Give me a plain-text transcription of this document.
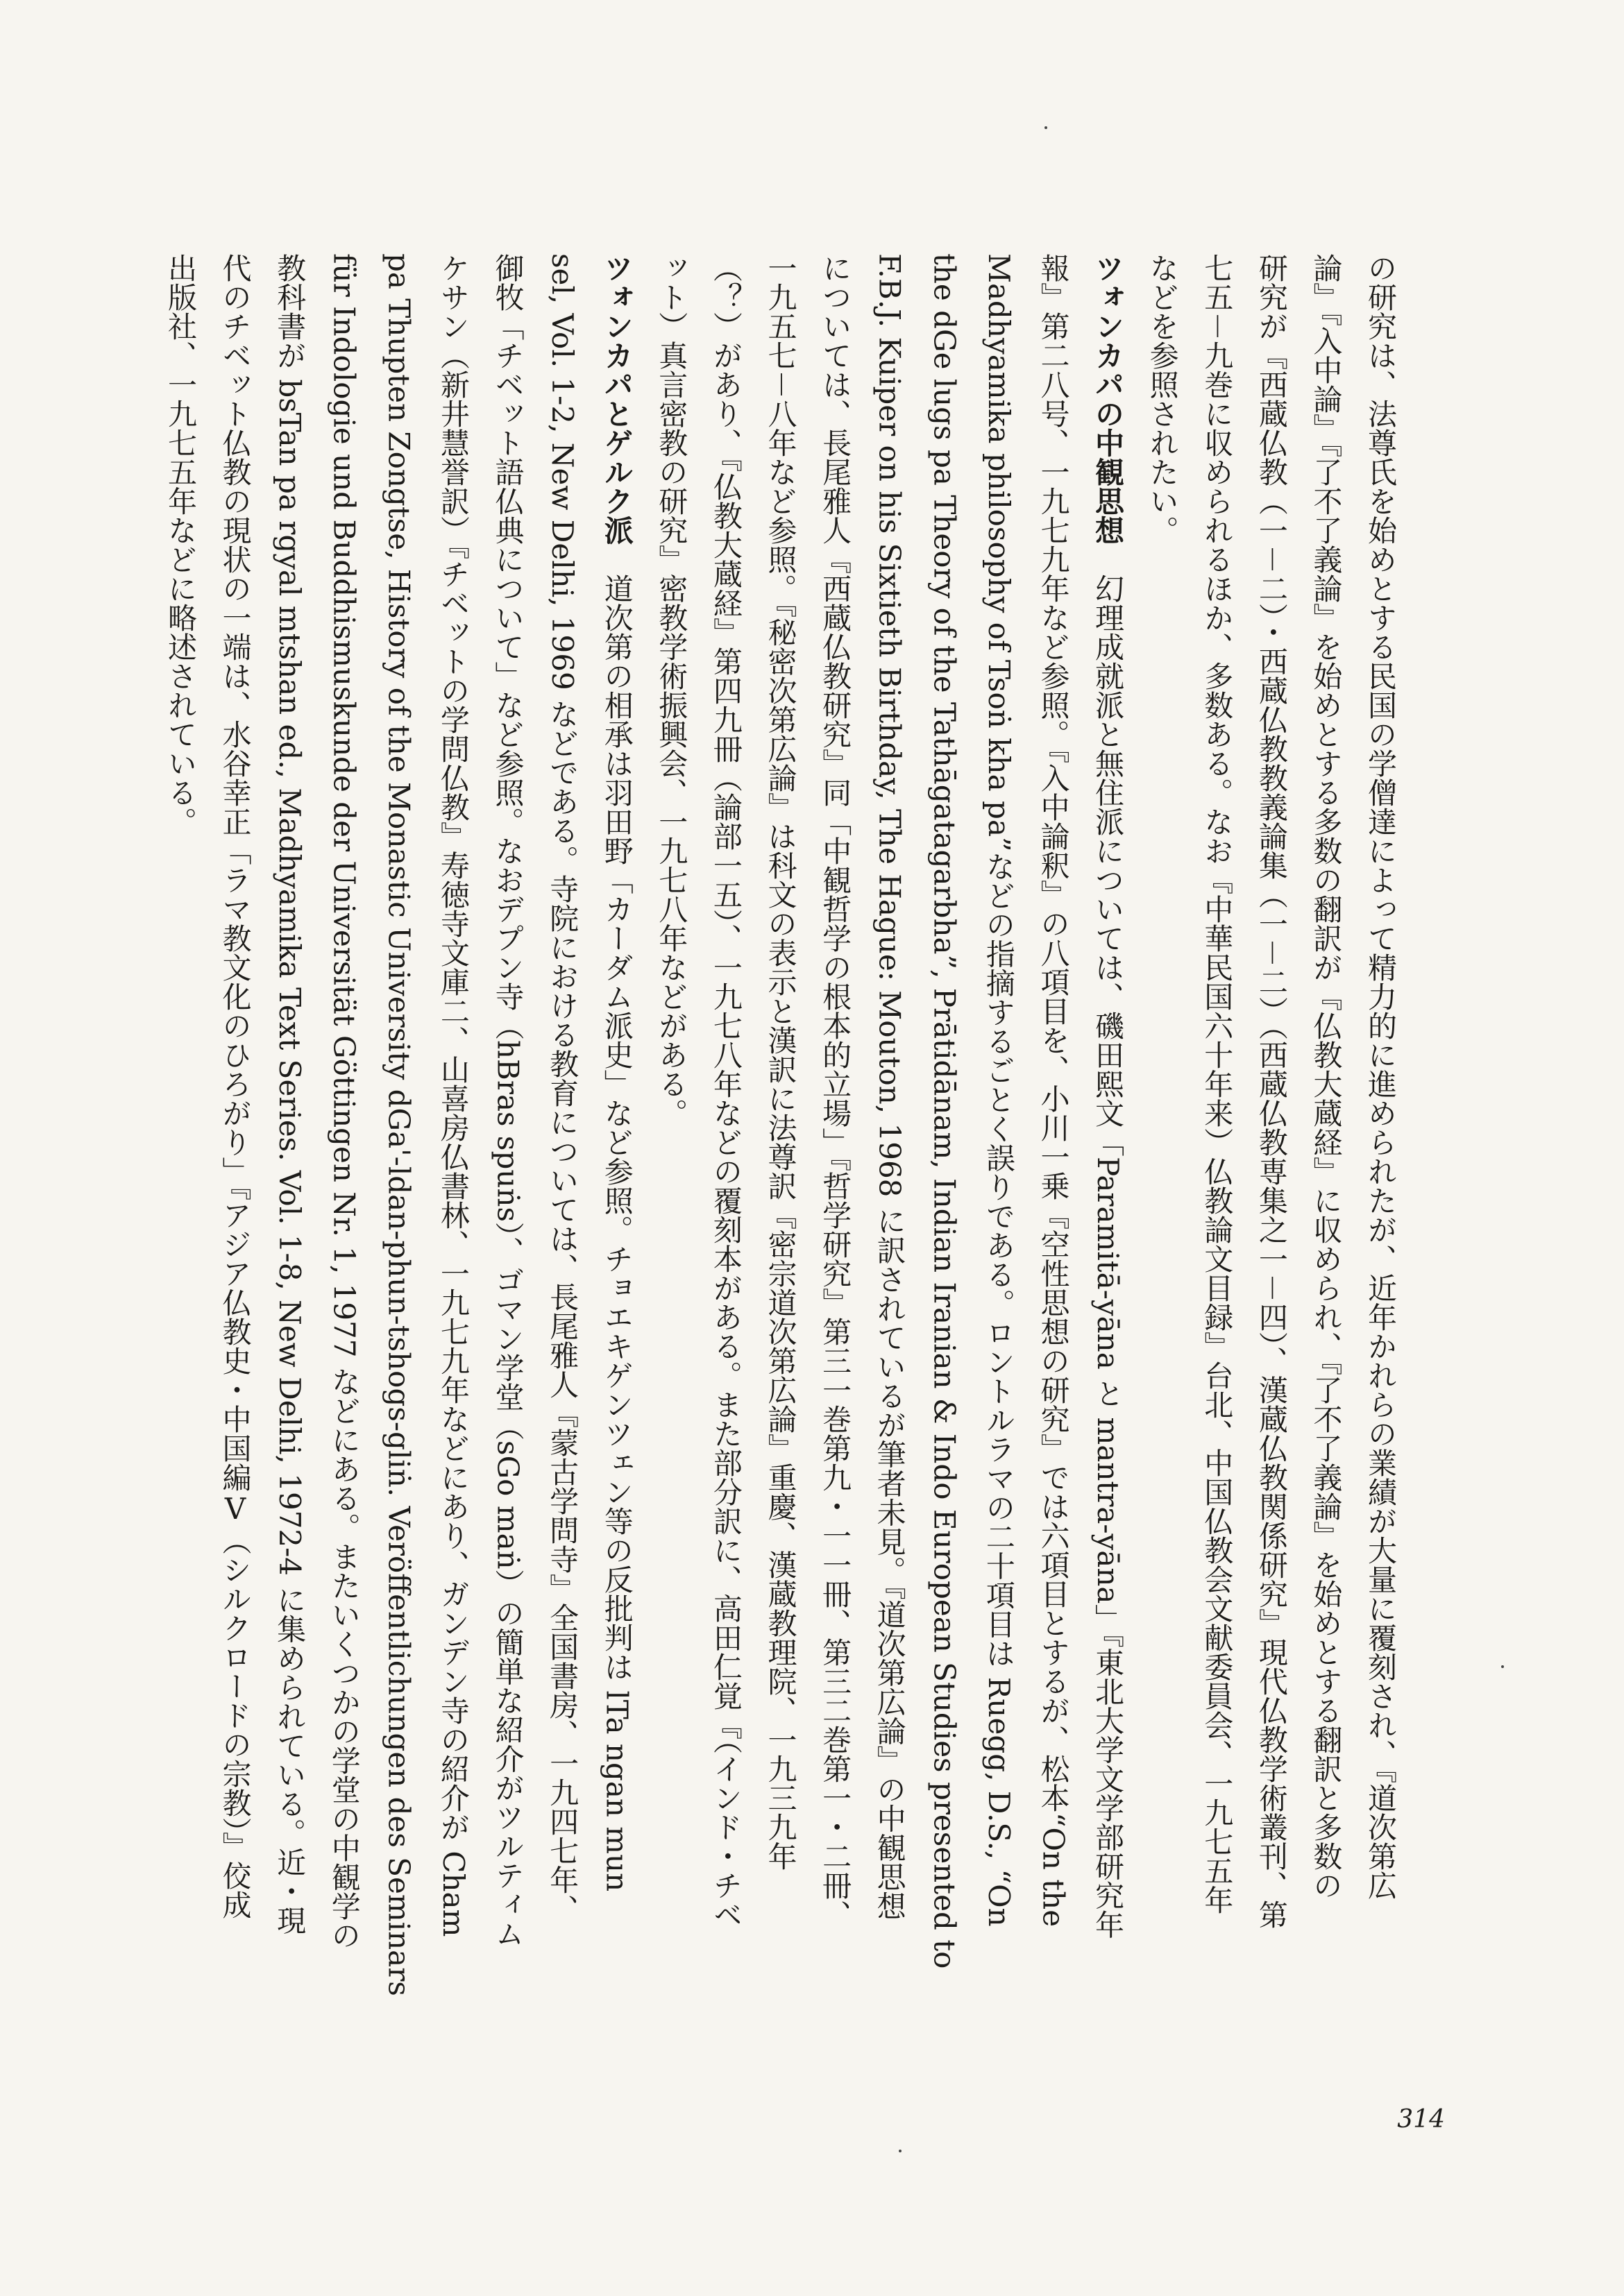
の研究は、法尊氏を始めとする民国の学僧達によって精力的に進められたが、近年かれらの業績が大量に覆刻され、『道次第広
論』『入中論』『了不了義論』を始めとする多数の翻訳が『仏教大蔵経』に収められ、『了不了義論』を始めとする翻訳と多数の
研究が『西蔵仏教（一－二）・西蔵仏教教義論集（一－二）（西蔵仏教専集之一－四）、漢蔵仏教関係研究』現代仏教学術叢刊、第
七五－九巻に収められるほか、多数ある。なお『中華民国六十年来）仏教論文目録』台北、中国仏教会文献委員会、一九七五年
などを参照されたい。
ツォンカパの中観思想　幻理成就派と無住派については、磯田熙文「Paramitā-yāna と mantra-yāna」『東北大学文学部研究年
報』第二八号、一九七九年など参照。『入中論釈』の八項目を、小川一乗『空性思想の研究』では六項目とするが、松本“On the
Madhyamika philosophy of Tsoṅ kha pa”などの指摘するごとく誤りである。ロントルラマの二十項目は Ruegg, D.S., “On
the dGe lugs pa Theory of the Tathāgatagarbha”, Prātidānam, Indian Iranian & Indo European Studies presented to
F.B.J. Kuiper on his Sixtieth Birthday, The Hague: Mouton, 1968 に訳されているが筆者未見。『道次第広論』の中観思想
については、長尾雅人『西蔵仏教研究』同「中観哲学の根本的立場」『哲学研究』第三一巻第九・一一冊、第三二巻第一・二冊、
一九五七－八年など参照。『秘密次第広論』は科文の表示と漢訳に法尊訳『密宗道次第広論』重慶、漢蔵教理院、一九三九年
（？）があり、『仏教大蔵経』第四九冊（論部一五）、一九七八年などの覆刻本がある。また部分訳に、高田仁覚『（インド・チベ
ット）真言密教の研究』密教学術振興会、一九七八年などがある。
ツォンカパとゲルク派　道次第の相承は羽田野「カーダム派史」など参照。チョエキゲンツェン等の反批判は lTa ngan mun
sel, Vol. 1-2, New Delhi, 1969 などである。寺院における教育については、長尾雅人『蒙古学問寺』全国書房、一九四七年、
御牧「チベット語仏典について」など参照。なおデプン寺（hBras spuṅs）、ゴマン学堂（sGo maṅ）の簡単な紹介がツルティム
ケサン（新井慧誉訳）『チベットの学問仏教』寿徳寺文庫二、山喜房仏書林、一九七九年などにあり、ガンデン寺の紹介が Cham
pa Thupten Zongtse, History of the Monastic University dGa'-ldan-phun-tshogs-gliṅ. Veröffentlichungen des Seminars
für Indologie und Buddhismuskunde der Universität Göttingen Nr. 1, 1977 などにある。またいくつかの学堂の中観学の
教科書が bsTan pa rgyal mtshan ed., Madhyamika Text Series. Vol. 1-8, New Delhi, 1972-4 に集められている。近・現
代のチベット仏教の現状の一端は、水谷幸正「ラマ教文化のひろがり」『アジア仏教史・中国編Ⅴ（シルクロードの宗教）』佼成
出版社、一九七五年などに略述されている。
314
